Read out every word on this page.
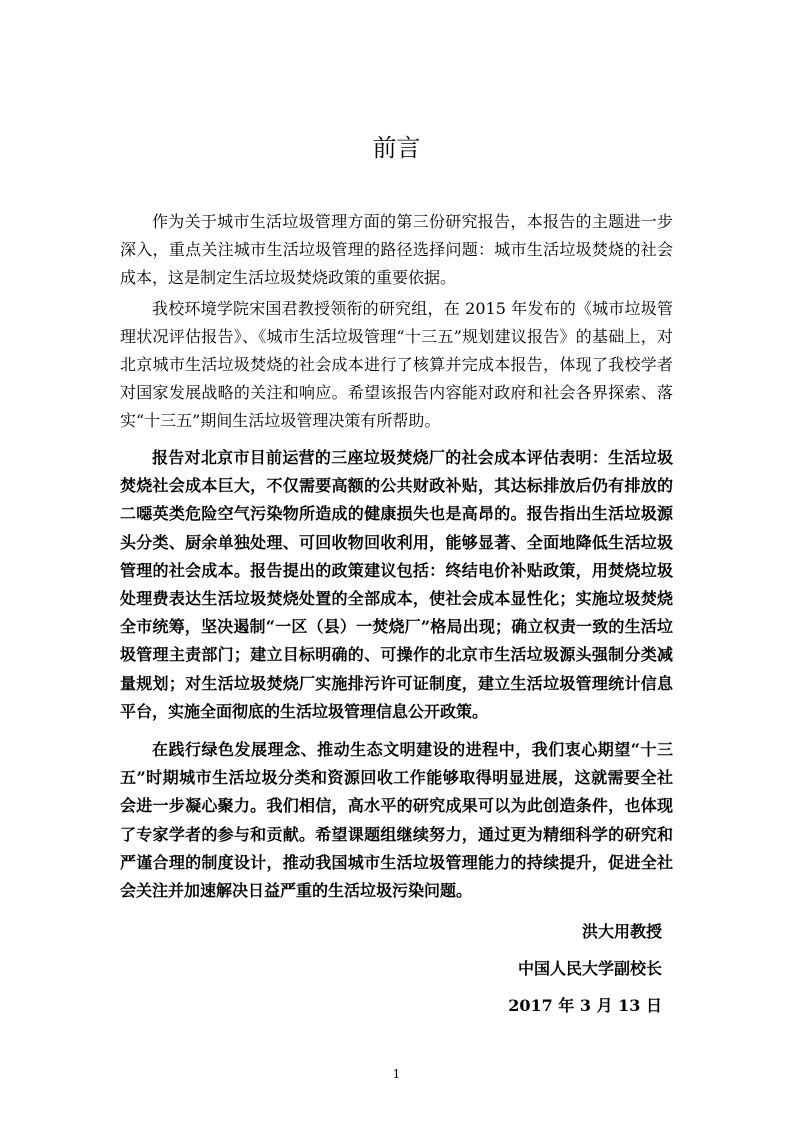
前言

作为关于城市生活垃圾管理方面的第三份研究报告，本报告的主题进一步深入，重点关注城市生活垃圾管理的路径选择问题：城市生活垃圾焚烧的社会成本，这是制定生活垃圾焚烧政策的重要依据。

我校环境学院宋国君教授领衔的研究组，在 2015 年发布的《城市垃圾管理状况评估报告》、《城市生活垃圾管理“十三五”规划建议报告》的基础上，对北京城市生活垃圾焚烧的社会成本进行了核算并完成本报告，体现了我校学者对国家发展战略的关注和响应。希望该报告内容能对政府和社会各界探索、落实“十三五”期间生活垃圾管理决策有所帮助。

报告对北京市目前运营的三座垃圾焚烧厂的社会成本评估表明：生活垃圾焚烧社会成本巨大，不仅需要高额的公共财政补贴，其达标排放后仍有排放的二噁英类危险空气污染物所造成的健康损失也是高昂的。报告指出生活垃圾源头分类、厨余单独处理、可回收物回收利用，能够显著、全面地降低生活垃圾管理的社会成本。报告提出的政策建议包括：终结电价补贴政策，用焚烧垃圾处理费表达生活垃圾焚烧处置的全部成本，使社会成本显性化；实施垃圾焚烧全市统筹，坚决遏制“一区（县）一焚烧厂”格局出现；确立权责一致的生活垃圾管理主责部门；建立目标明确的、可操作的北京市生活垃圾源头强制分类减量规划；对生活垃圾焚烧厂实施排污许可证制度，建立生活垃圾管理统计信息平台，实施全面彻底的生活垃圾管理信息公开政策。

在践行绿色发展理念、推动生态文明建设的进程中，我们衷心期望“十三五”时期城市生活垃圾分类和资源回收工作能够取得明显进展，这就需要全社会进一步凝心聚力。我们相信，高水平的研究成果可以为此创造条件，也体现了专家学者的参与和贡献。希望课题组继续努力，通过更为精细科学的研究和严谨合理的制度设计，推动我国城市生活垃圾管理能力的持续提升，促进全社会关注并加速解决日益严重的生活垃圾污染问题。

洪大用教授
中国人民大学副校长
2017 年 3 月 13 日
1
